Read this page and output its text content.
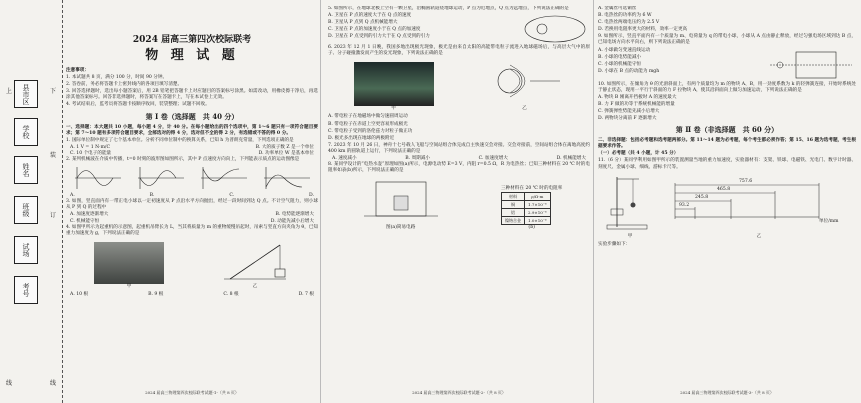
上	下
装
订
线	线
县市区
学校
姓名
班级
试场
考号
2024 届高三第四次校际联考
物 理 试 题
注意事项：
1. 本试题共 8 页，满分 100 分，时间 90 分钟。
2. 答卷前，务必将答题卡上密封线内的各项目填写清楚。
3. 回答选择题时，选出每小题答案后，用 2B 铅笔把答题卡上对应题目的答案标号涂黑。如需改动，用橡皮擦干净后，再选涂其他答案标号。回答非选择题时，将答案写在答题卡上，写在本试卷上无效。
4. 考试结束后，监考员将答题卡按顺序收回，装袋整理；试题不回收。
第 Ⅰ 卷（选择题　共 40 分）
一、选择题：本大题共 10 小题，每小题 4 分，计 40 分。在每小题给出的四个选项中，第 1～6 题只有一项符合题目要求；第 7～10 题有多项符合题目要求，全部选对的得 4 分，选对但不全的得 2 分，有选错或不答的得 0 分。
1. 国际单位制中规定了七个基本单位。分析不同单位制中的换算关系，已知 h 为普朗克常量，下列选项正确的是
A. 1 V = 1 N·m/C	B. 大的质子数 Z 是一个单位
C. 10 个电子的能量	D. 功率单位 W 是基本单位
2. 某列机械波在介质中传播，t=0 时刻的波形图如图所示，其中 P 点速度方向向上，下列能表示质点的运动图像是
A.	B.	C.	D.
3. 如图，竖直面内有一带正电小球以一定初速度从 P 点沿水平方向抛出，经过一段时间到达 Q 点。不计空气阻力，则小球从 P 到 Q 的过程中
A. 加速度逐渐增大	B. 电势能逐渐增大
C. 机械能守恒	D. 动能先减小后增大
4. 如图甲所示为起重机的示意图，起重机吊臂长为 L，当其将质量为 m 的重物缓慢吊起时，吊索与竖直方向夹角为 θ，已知重力加速度为 g，下列说法正确的是
甲	乙
A. 10 根	B. 9 根	C. 8 根	D. 7 根
2024 届高三物理第四次校际联考试题-1-（共 8 页）
5. 如图所示，在地球北极上空有一颗卫星，沿椭圆轨道绕地球运动，P 点为近地点，Q 点为远地点，下列说法正确的是
A. 卫星在 P 点的速度大于在 Q 点的速度
B. 卫星从 P 点到 Q 点机械能增大
C. 卫星在 P 点的加速度小于在 Q 点的加速度
D. 卫星在 P 点受到的引力大于在 Q 点受到的引力
6. 2023 年 12 月 1 日晚，我国多地出现极光现象，极光是由来自太阳的高能带电粒子流进入地球磁场后，与高层大气中的原子、分子碰撞激发而产生的发光现象，下列说法正确的是
甲	乙
A. 带电粒子在地磁场中做匀速圆周运动
B. 带电粒子在赤道上空更容易形成极光
C. 带电粒子受到的洛伦兹力对粒子做正功
D. 极光多出现在地球的两极附近
7. 2023 年 10 月 26 日，神舟十七号载人飞船与空间站组合体完成自主快速交会对接。交会对接前，空间站组合体在离地高度约 400 km 的圆轨道上运行，下列说法正确的是
A. 速度减小	B. 周期减小	C. 加速度增大	D. 机械能增大
8. 某同学设计的“电热水壶”原理如图(a)所示，电源电动势 E=3 V，内阻 r=0.5 Ω，R 为电热丝；已知三种材料在 20 ℃ 时的电阻率如表(b)所示，下列说法正确的是
图(a)简易电路
三种材料在 20 ℃ 时的电阻率
材料	ρ/Ω·m
铜	1.7×10⁻⁸
铝	2.9×10⁻⁸
镍铬合金	1.0×10⁻⁶
(b)
2024 届高三物理第四次校际联考试题-2-（共 8 页）
A. 金属丝可选铜丝
B. 电热丝的功率约为 6 W
C. 电热丝两端电压约为 2.5 V
D. 若换用电阻率更大的材料，效率一定更高
9. 如图所示，竖直平面内有一个质量为 m、电荷量为 q 的带电小球，小球从 A 点由静止释放，经过匀强电场区域到达 B 点，已知电场方向水平向右，则下列说法正确的是
A. 小球做匀变速直线运动
B. 小球的电势能减小
C. 小球的机械能守恒
D. 小球在 B 点的动能为 mgh
10. 如图所示，在倾角为 θ 的光滑斜面上，有两个质量均为 m 的物块 A、B，用一劲度系数为 k 的轻弹簧连接，开始时系统处于静止状态，现用一平行于斜面的力 F 拉物块 A，使其沿斜面向上做匀加速运动，下列说法正确的是
A. 物块 B 刚离开挡板时 A 的速度最大
B. 力 F 做的功等于系统机械能的增量
C. 弹簧弹性势能先减小后增大
D. 两物块分离前 F 逐渐增大
第 Ⅱ 卷（非选择题　共 60 分）
二、非选择题：包括必考题和选考题两部分。第 11～14 题为必考题，每个考生都必须作答；第 15、16 题为选考题，考生根据要求作答。
（一）必考题（共 4 小题，计 45 分）
11.（6 分）某同学利用如图甲所示的装置测量当地的重力加速度，实验器材有：支架、铁球、电磁铁、光电门、数字计时器、刻度尺、金属小球、细线、游标卡尺等。
甲
757.6
465.8
245.8
93.2
单位/mm
乙
实验步骤如下：
2024 届高三物理第四次校际联考试题-3-（共 8 页）
